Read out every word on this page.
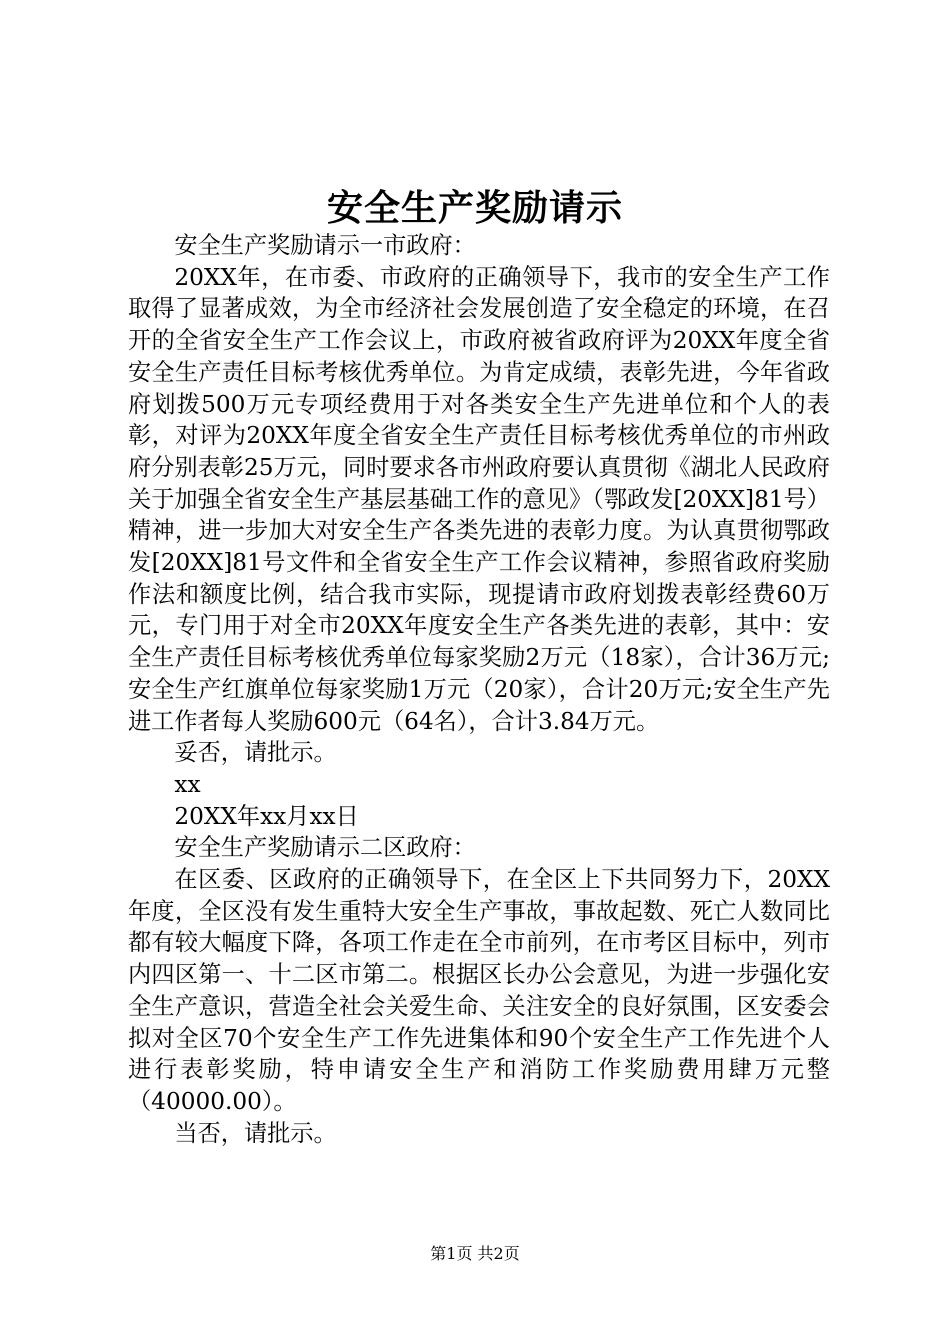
安全生产奖励请示

安全生产奖励请示一市政府：

20XX年，在市委、市政府的正确领导下，我市的安全生产工作取得了显著成效，为全市经济社会发展创造了安全稳定的环境，在召开的全省安全生产工作会议上，市政府被省政府评为20XX年度全省安全生产责任目标考核优秀单位。为肯定成绩，表彰先进，今年省政府划拨500万元专项经费用于对各类安全生产先进单位和个人的表彰，对评为20XX年度全省安全生产责任目标考核优秀单位的市州政府分别表彰25万元，同时要求各市州政府要认真贯彻《湖北人民政府关于加强全省安全生产基层基础工作的意见》（鄂政发[20XX]81号）精神，进一步加大对安全生产各类先进的表彰力度。为认真贯彻鄂政发[20XX]81号文件和全省安全生产工作会议精神，参照省政府奖励作法和额度比例，结合我市实际，现提请市政府划拨表彰经费60万元，专门用于对全市20XX年度安全生产各类先进的表彰，其中：安全生产责任目标考核优秀单位每家奖励2万元（18家），合计36万元;安全生产红旗单位每家奖励1万元（20家），合计20万元;安全生产先进工作者每人奖励600元（64名），合计3.84万元。

妥否，请批示。

xx

20XX年xx月xx日

安全生产奖励请示二区政府：

在区委、区政府的正确领导下，在全区上下共同努力下，20XX年度，全区没有发生重特大安全生产事故，事故起数、死亡人数同比都有较大幅度下降，各项工作走在全市前列，在市考区目标中，列市内四区第一、十二区市第二。根据区长办公会意见，为进一步强化安全生产意识，营造全社会关爱生命、关注安全的良好氛围，区安委会拟对全区70个安全生产工作先进集体和90个安全生产工作先进个人进行表彰奖励，特申请安全生产和消防工作奖励费用肆万元整（40000.00）。

当否，请批示。

第1页 共2页
